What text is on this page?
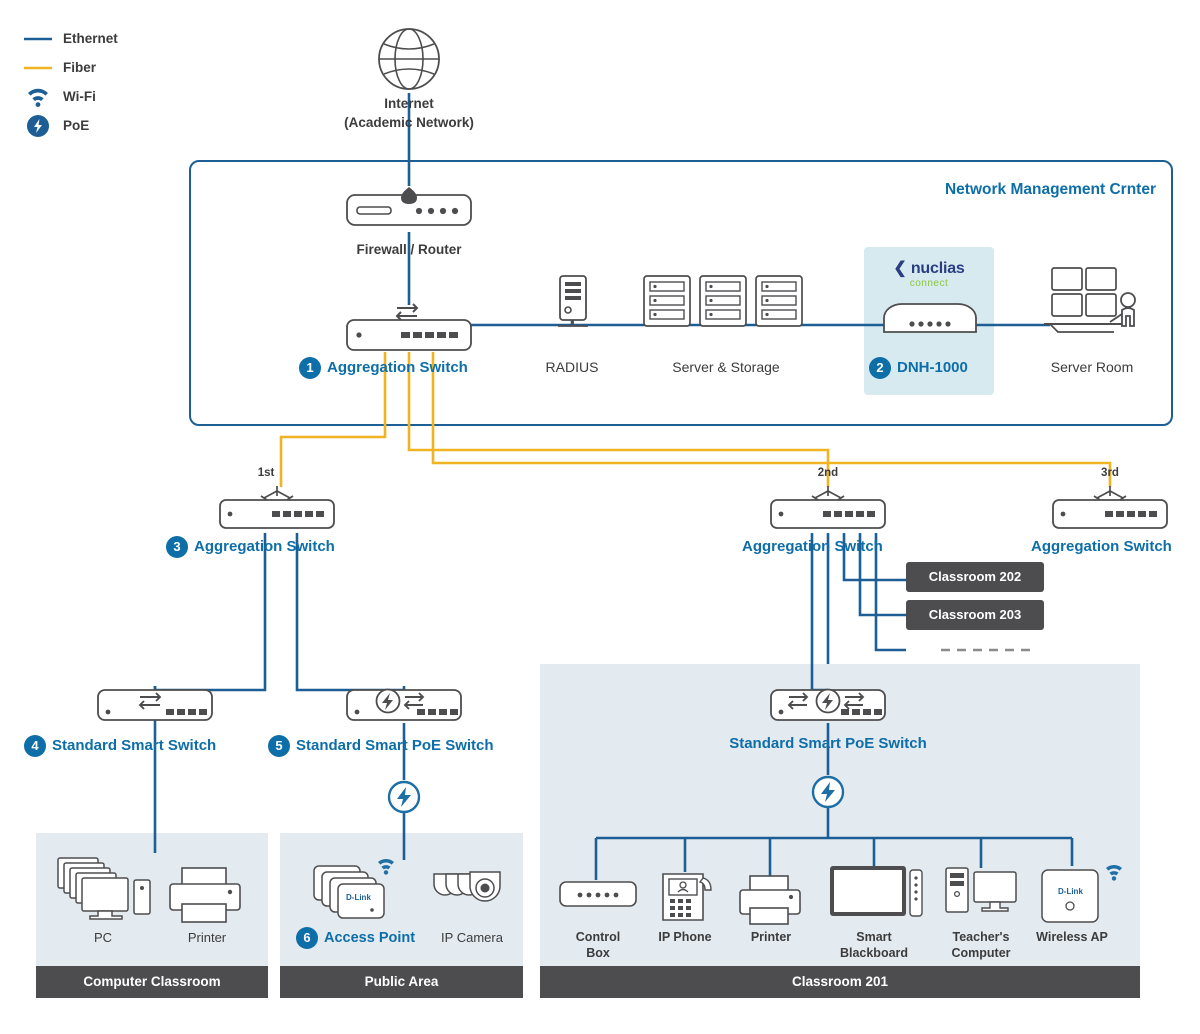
Ethernet
Fiber
Wi-Fi
PoE
Internet
(Academic Network)
Network Management Crnter
Firewall / Router
1 Aggregation Switch	RADIUS	Server & Storage
❮ nuclias
connect
2 DNH-1000	Server Room
1st
3 Aggregation Switch
2nd
Aggregation Switch
3rd
Aggregation Switch
Classroom 202
Classroom 203
4 Standard Smart Switch	5 Standard Smart PoE Switch	Standard Smart PoE Switch
PC	Printer
Computer Classroom
D-Link
6 Access Point	IP Camera
Public Area
D-Link
Control
Box
IP Phone	Printer	Smart
Blackboard
Teacher's
Computer
Wireless AP
Classroom 201
